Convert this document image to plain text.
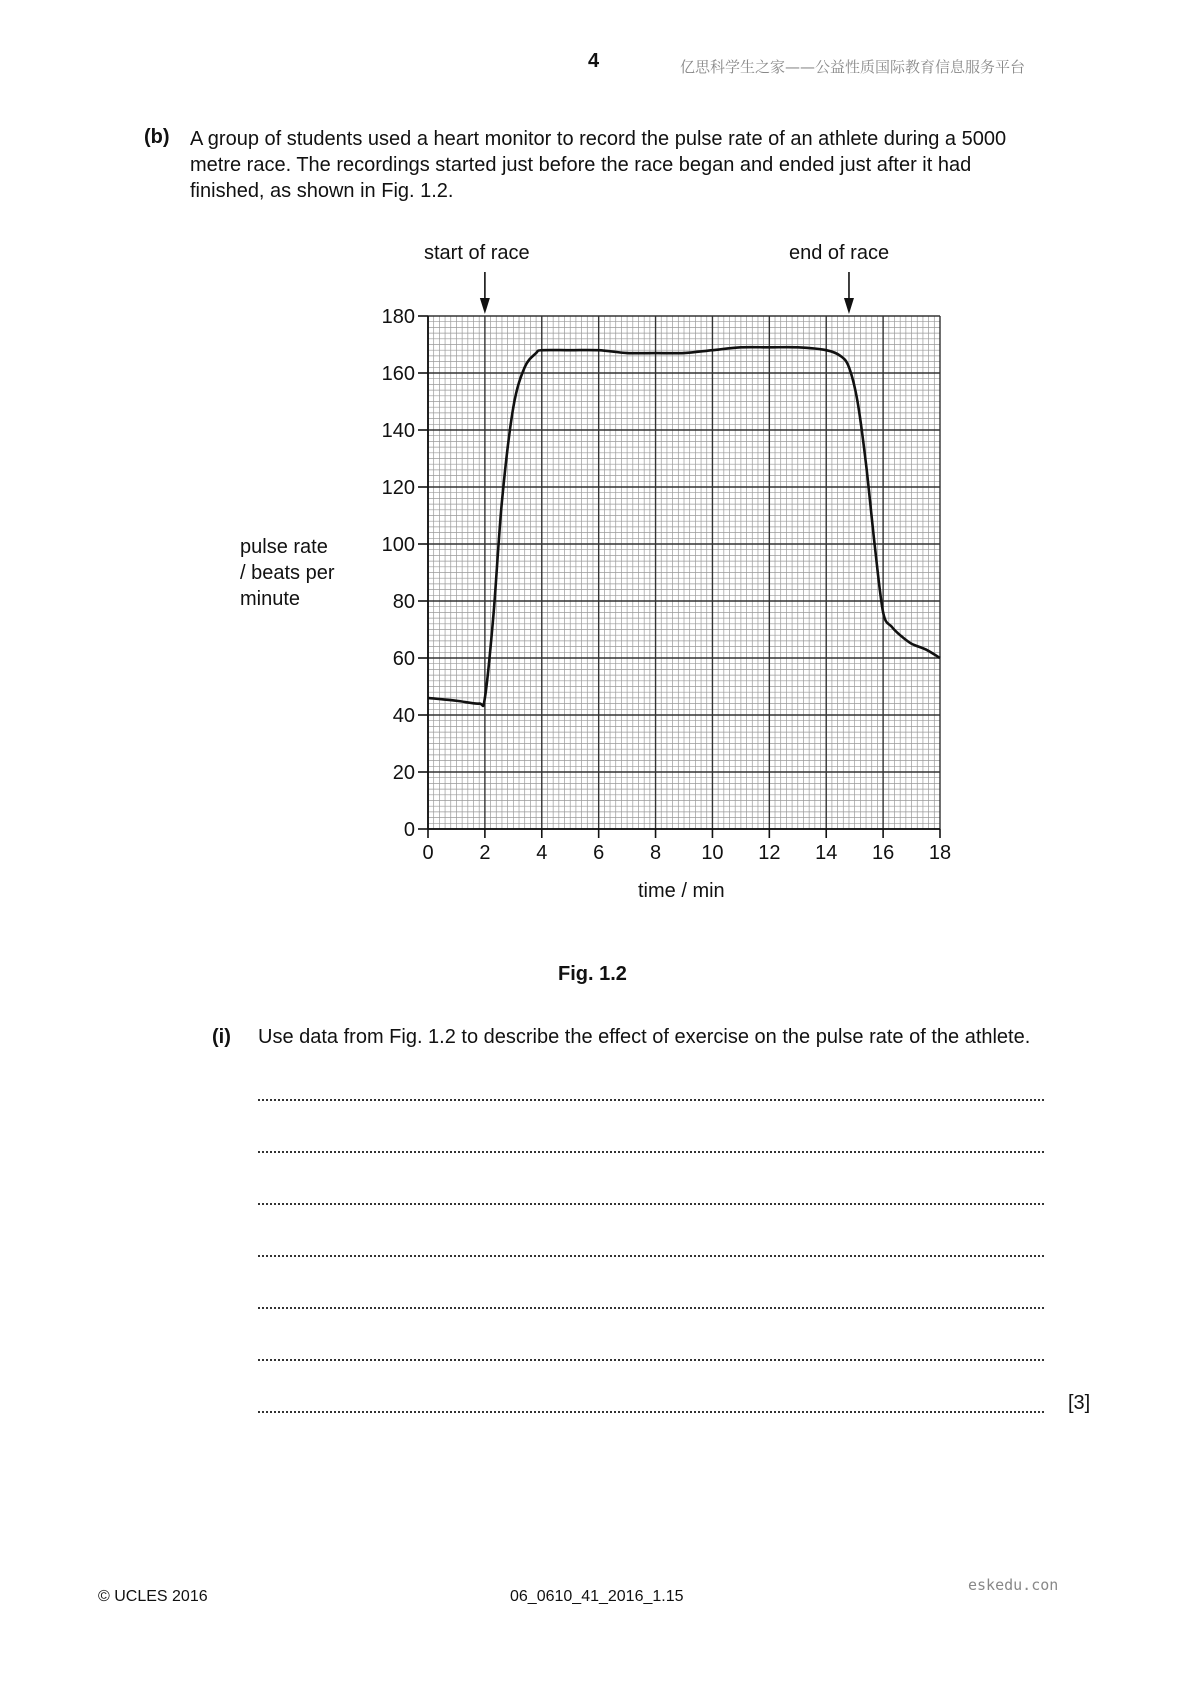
4	亿思科学生之家——公益性质国际教育信息服务平台
(b) A group of students used a heart monitor to record the pulse rate of an athlete during a 5000
metre race. The recordings started just before the race began and ended just after it had
finished, as shown in Fig. 1.2.
start of race	end of race
pulse rate
/ beats per
minute
0
20
40
60
80
100
120
140
160
180
0 2 4 6 8 10 12 14 16 18
time / min
Fig. 1.2
(i) Use data from Fig. 1.2 to describe the effect of exercise on the pulse rate of the athlete.
[3]
© UCLES 2016	06_0610_41_2016_1.15
eskedu.con
